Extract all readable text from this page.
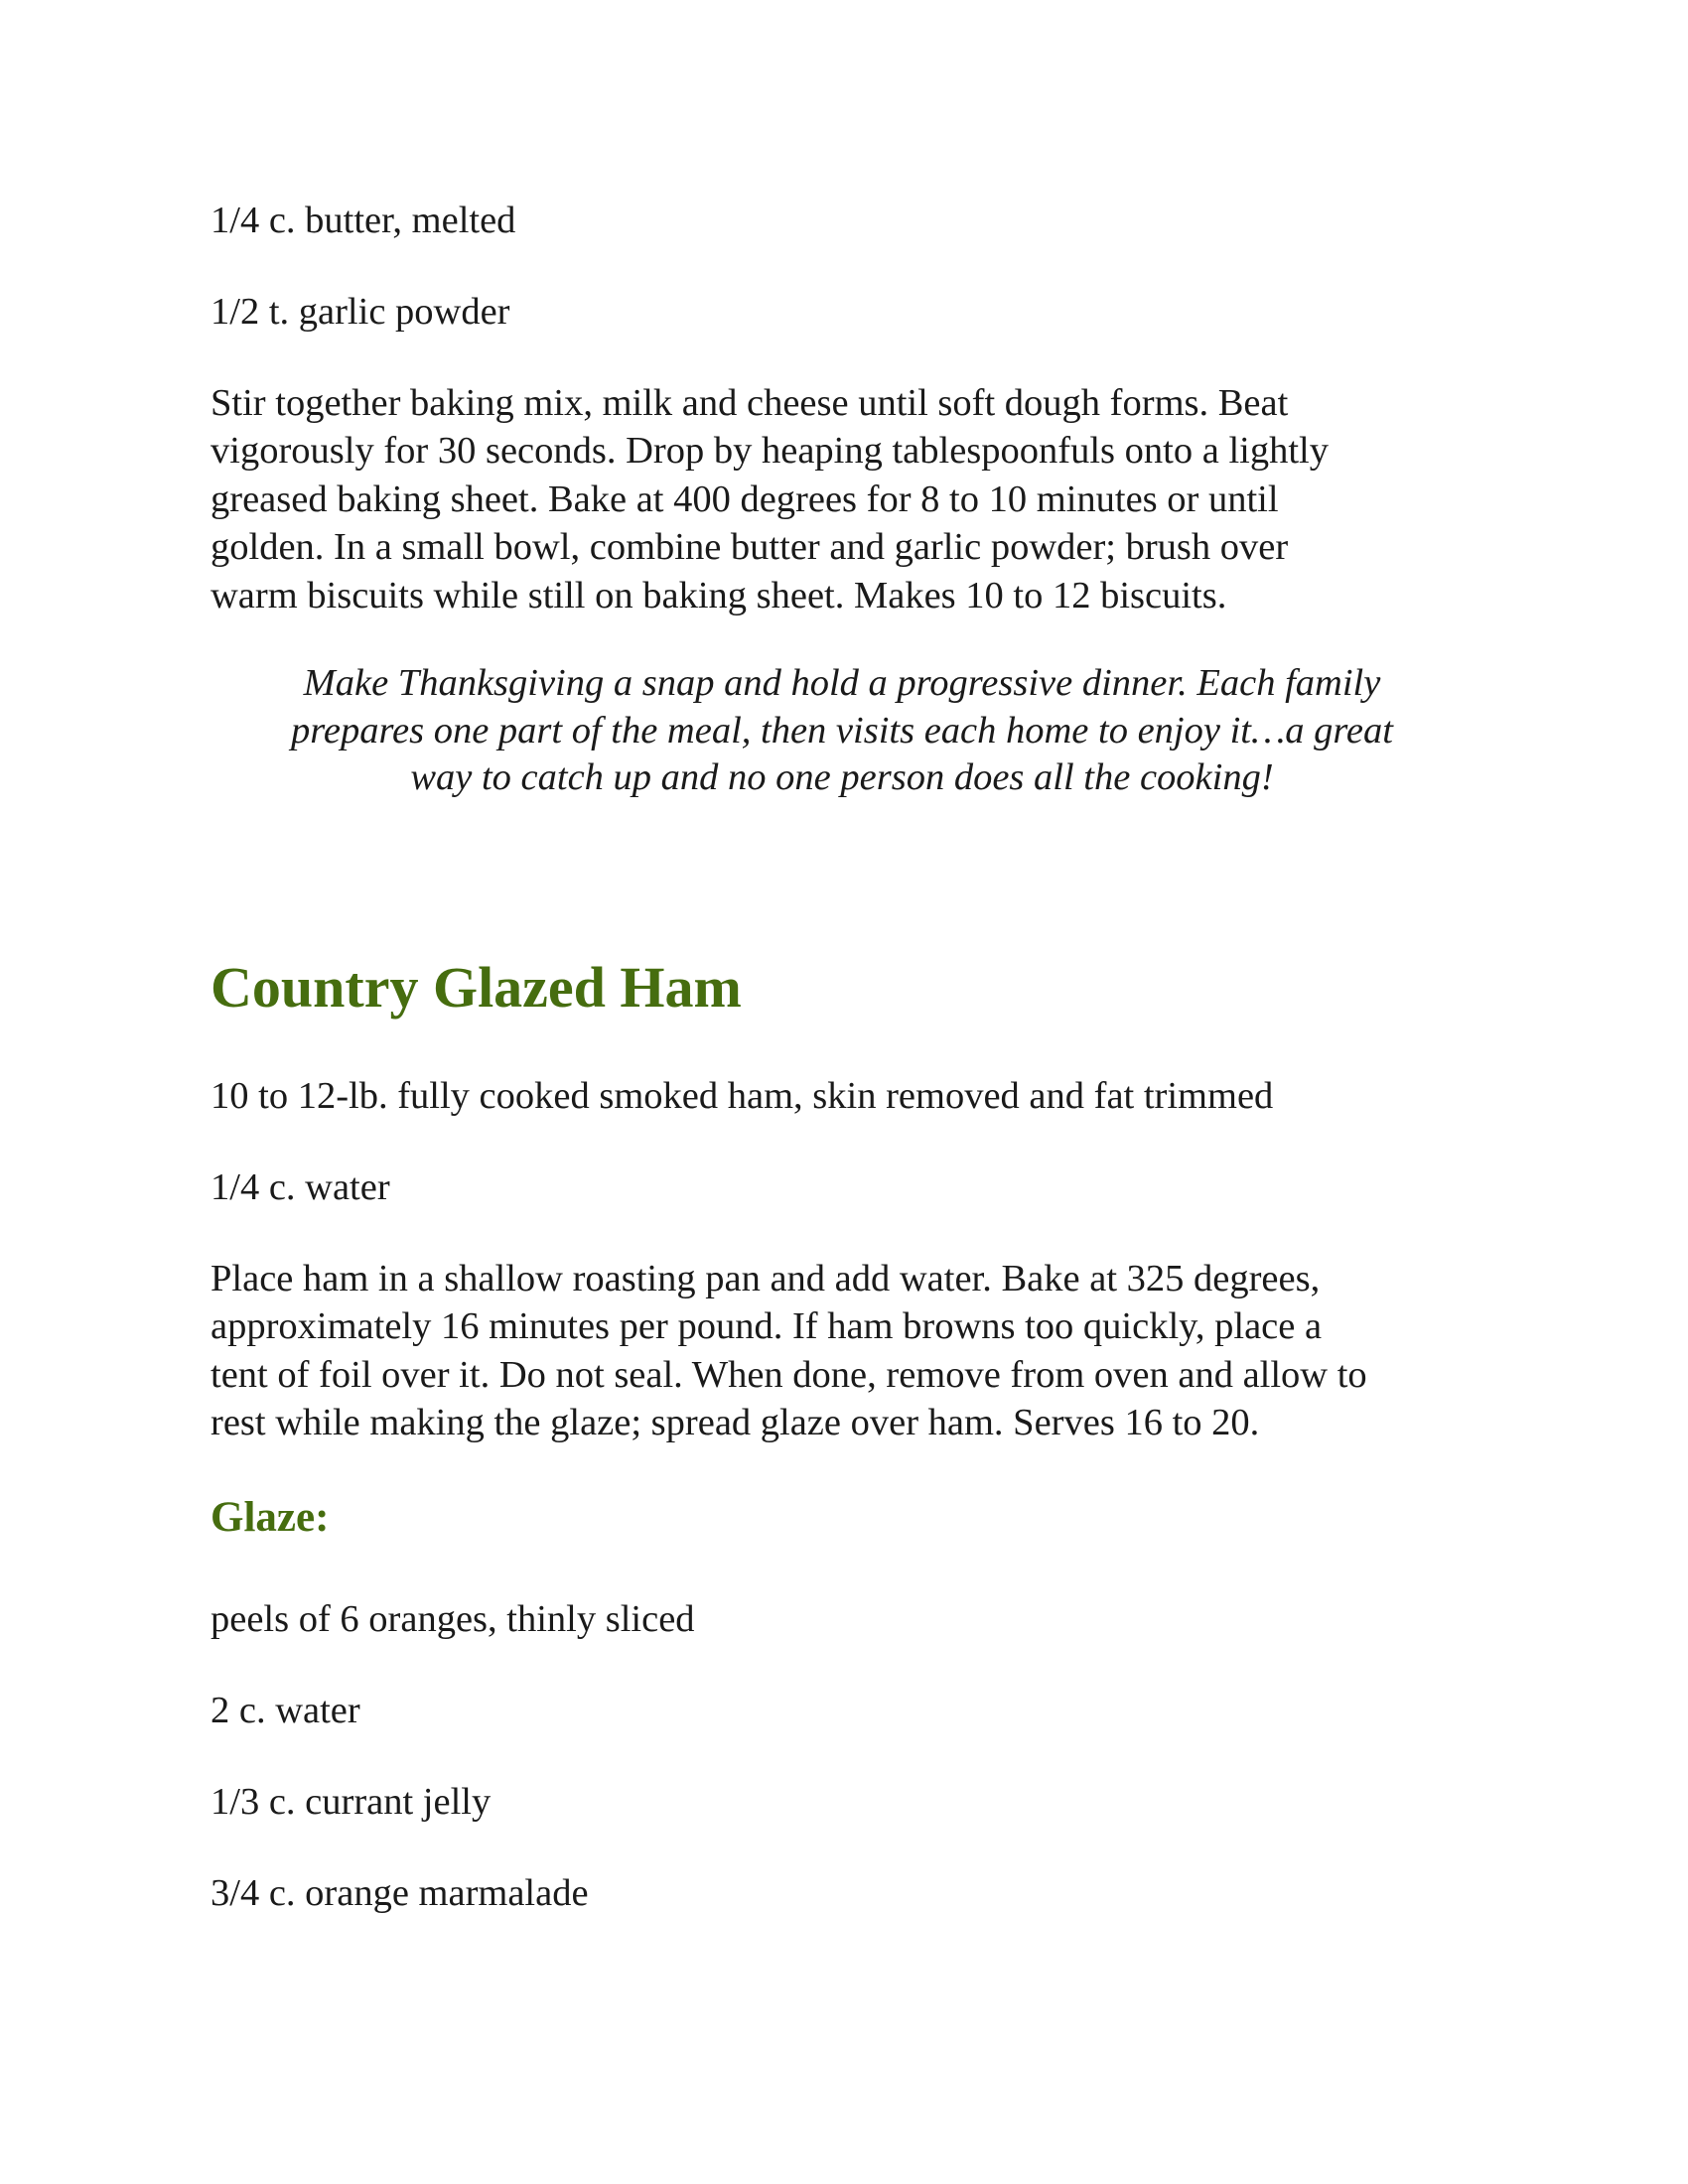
1/4 c. butter, melted

1/2 t. garlic powder

Stir together baking mix, milk and cheese until soft dough forms. Beat
vigorously for 30 seconds. Drop by heaping tablespoonfuls onto a lightly
greased baking sheet. Bake at 400 degrees for 8 to 10 minutes or until
golden. In a small bowl, combine butter and garlic powder; brush over
warm biscuits while still on baking sheet. Makes 10 to 12 biscuits.
Make Thanksgiving a snap and hold a progressive dinner. Each family
prepares one part of the meal, then visits each home to enjoy it…a great
way to catch up and no one person does all the cooking!
Country Glazed Ham

10 to 12-lb. fully cooked smoked ham, skin removed and fat trimmed

1/4 c. water

Place ham in a shallow roasting pan and add water. Bake at 325 degrees,
approximately 16 minutes per pound. If ham browns too quickly, place a
tent of foil over it. Do not seal. When done, remove from oven and allow to
rest while making the glaze; spread glaze over ham. Serves 16 to 20.
Glaze:

peels of 6 oranges, thinly sliced

2 c. water

1/3 c. currant jelly

3/4 c. orange marmalade
